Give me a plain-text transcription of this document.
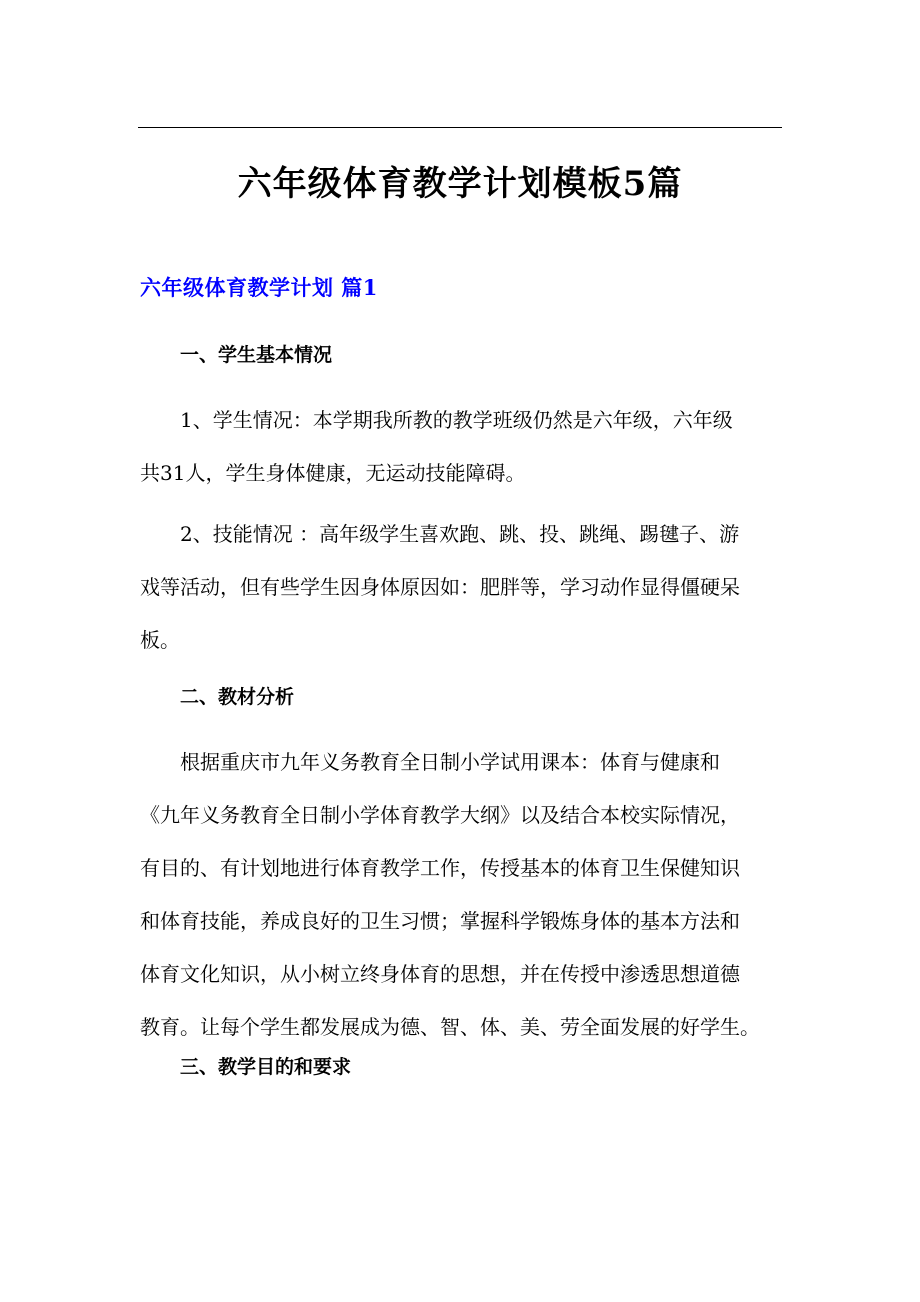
六年级体育教学计划模板5篇
六年级体育教学计划 篇1
一、学生基本情况
1、学生情况：本学期我所教的教学班级仍然是六年级，六年级
共31人，学生身体健康，无运动技能障碍。
2、技能情况 ：高年级学生喜欢跑、跳、投、跳绳、踢毽子、游
戏等活动，但有些学生因身体原因如：肥胖等，学习动作显得僵硬呆
板。
二、教材分析
根据重庆市九年义务教育全日制小学试用课本：体育与健康和
《九年义务教育全日制小学体育教学大纲》以及结合本校实际情况，
有目的、有计划地进行体育教学工作，传授基本的体育卫生保健知识
和体育技能，养成良好的卫生习惯；掌握科学锻炼身体的基本方法和
体育文化知识，从小树立终身体育的思想，并在传授中渗透思想道德
教育。让每个学生都发展成为德、智、体、美、劳全面发展的好学生。
三、教学目的和要求
